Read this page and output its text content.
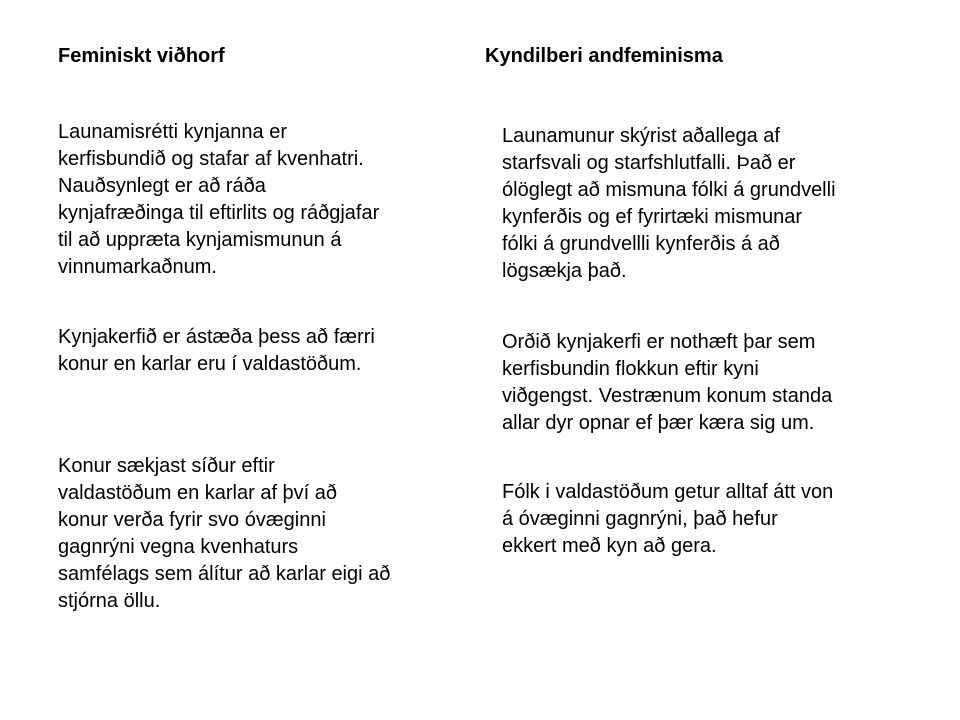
Feminiskt viðhorf	Kyndilberi andfeminisma

Launamisrétti kynjanna er
kerfisbundið og stafar af kvenhatri.
Nauðsynlegt er að ráða
kynjafræðinga til eftirlits og ráðgjafar
til að uppræta kynjamismunun á
vinnumarkaðnum.

Kynjakerfið er ástæða þess að færri
konur en karlar eru í valdastöðum.

Konur sækjast síður eftir
valdastöðum en karlar af því að
konur verða fyrir svo óvæginni
gagnrýni vegna kvenhaturs
samfélags sem álítur að karlar eigi að
stjórna öllu.

Launamunur skýrist aðallega af
starfsvali og starfshlutfalli. Það er
ólöglegt að mismuna fólki á grundvelli
kynferðis og ef fyrirtæki mismunar
fólki á grundvellli kynferðis á að
lögsækja það.

Orðið kynjakerfi er nothæft þar sem
kerfisbundin flokkun eftir kyni
viðgengst. Vestrænum konum standa
allar dyr opnar ef þær kæra sig um.

Fólk i valdastöðum getur alltaf átt von
á óvæginni gagnrýni, það hefur
ekkert með kyn að gera.
